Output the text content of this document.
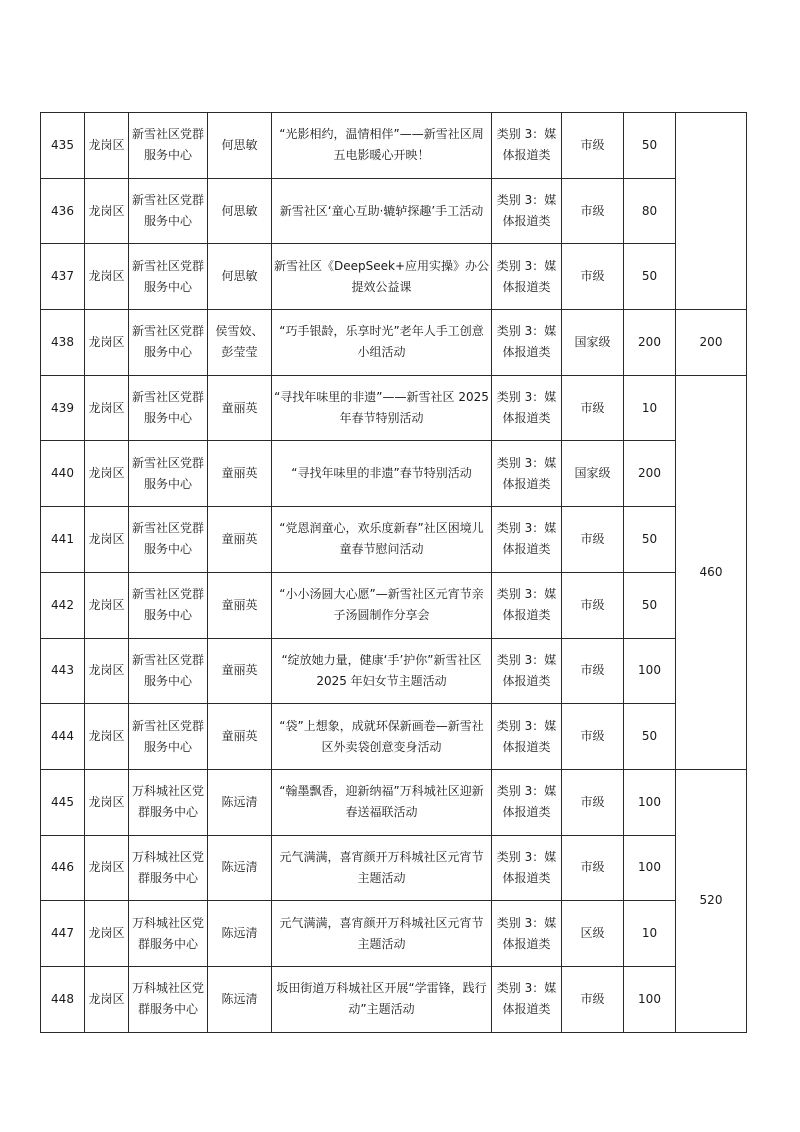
435	龙岗区	新雪社区党群服务中心	何思敏	“光影相约，温情相伴”——新雪社区周五电影暖心开映！	类别 3：媒体报道类	市级	50	
436	龙岗区	新雪社区党群服务中心	何思敏	新雪社区‘童心互助·辘轳探趣’手工活动	类别 3：媒体报道类	市级	80	
437	龙岗区	新雪社区党群服务中心	何思敏	新雪社区《DeepSeek+应用实操》办公提效公益课	类别 3：媒体报道类	市级	50	
438	龙岗区	新雪社区党群服务中心	侯雪姣、彭莹莹	“巧手银龄，乐享时光”老年人手工创意小组活动	类别 3：媒体报道类	国家级	200	200
439	龙岗区	新雪社区党群服务中心	童丽英	“寻找年味里的非遗”——新雪社区 2025 年春节特别活动	类别 3：媒体报道类	市级	10	460
440	龙岗区	新雪社区党群服务中心	童丽英	“寻找年味里的非遗”春节特别活动	类别 3：媒体报道类	国家级	200	
441	龙岗区	新雪社区党群服务中心	童丽英	“党恩润童心，欢乐度新春”社区困境儿童春节慰问活动	类别 3：媒体报道类	市级	50	
442	龙岗区	新雪社区党群服务中心	童丽英	“小小汤圆大心愿”—新雪社区元宵节亲子汤圆制作分享会	类别 3：媒体报道类	市级	50	
443	龙岗区	新雪社区党群服务中心	童丽英	“绽放她力量，健康‘手’护你”新雪社区 2025 年妇女节主题活动	类别 3：媒体报道类	市级	100	
444	龙岗区	新雪社区党群服务中心	童丽英	“袋”上想象，成就环保新画卷—新雪社区外卖袋创意变身活动	类别 3：媒体报道类	市级	50	
445	龙岗区	万科城社区党群服务中心	陈远清	“翰墨飘香，迎新纳福”万科城社区迎新春送福联活动	类别 3：媒体报道类	市级	100	520
446	龙岗区	万科城社区党群服务中心	陈远清	元气满满，喜宵颜开万科城社区元宵节主题活动	类别 3：媒体报道类	市级	100	
447	龙岗区	万科城社区党群服务中心	陈远清	元气满满，喜宵颜开万科城社区元宵节主题活动	类别 3：媒体报道类	区级	10	
448	龙岗区	万科城社区党群服务中心	陈远清	坂田街道万科城社区开展“学雷锋，践行动”主题活动	类别 3：媒体报道类	市级	100	
